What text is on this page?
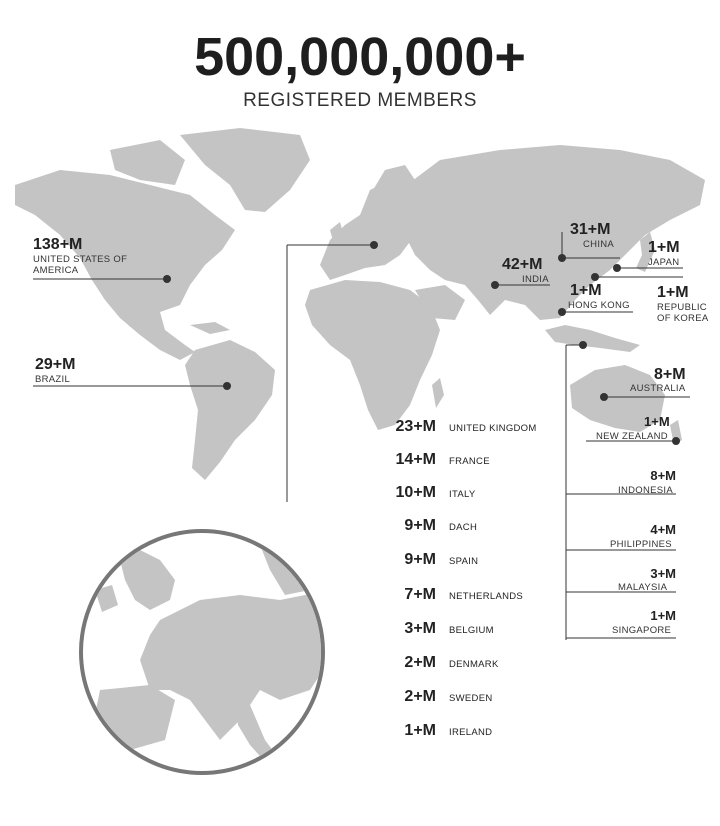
500,000,000+
REGISTERED MEMBERS
138+M
UNITED STATES OF AMERICA
29+M
BRAZIL
31+M
CHINA 1+M
JAPAN
42+M
INDIA
1+M
HONG KONG
1+M
REPUBLIC OF KOREA
8+M
AUSTRALIA
1+M
NEW ZEALAND
8+M
INDONESIA
4+M
PHILIPPINES
3+M
MALAYSIA
1+M
SINGAPORE
23+M UNITED KINGDOM
14+M FRANCE
10+M ITALY
9+M DACH
9+M SPAIN
7+M NETHERLANDS
3+M BELGIUM
2+M DENMARK
2+M SWEDEN
1+M IRELAND
